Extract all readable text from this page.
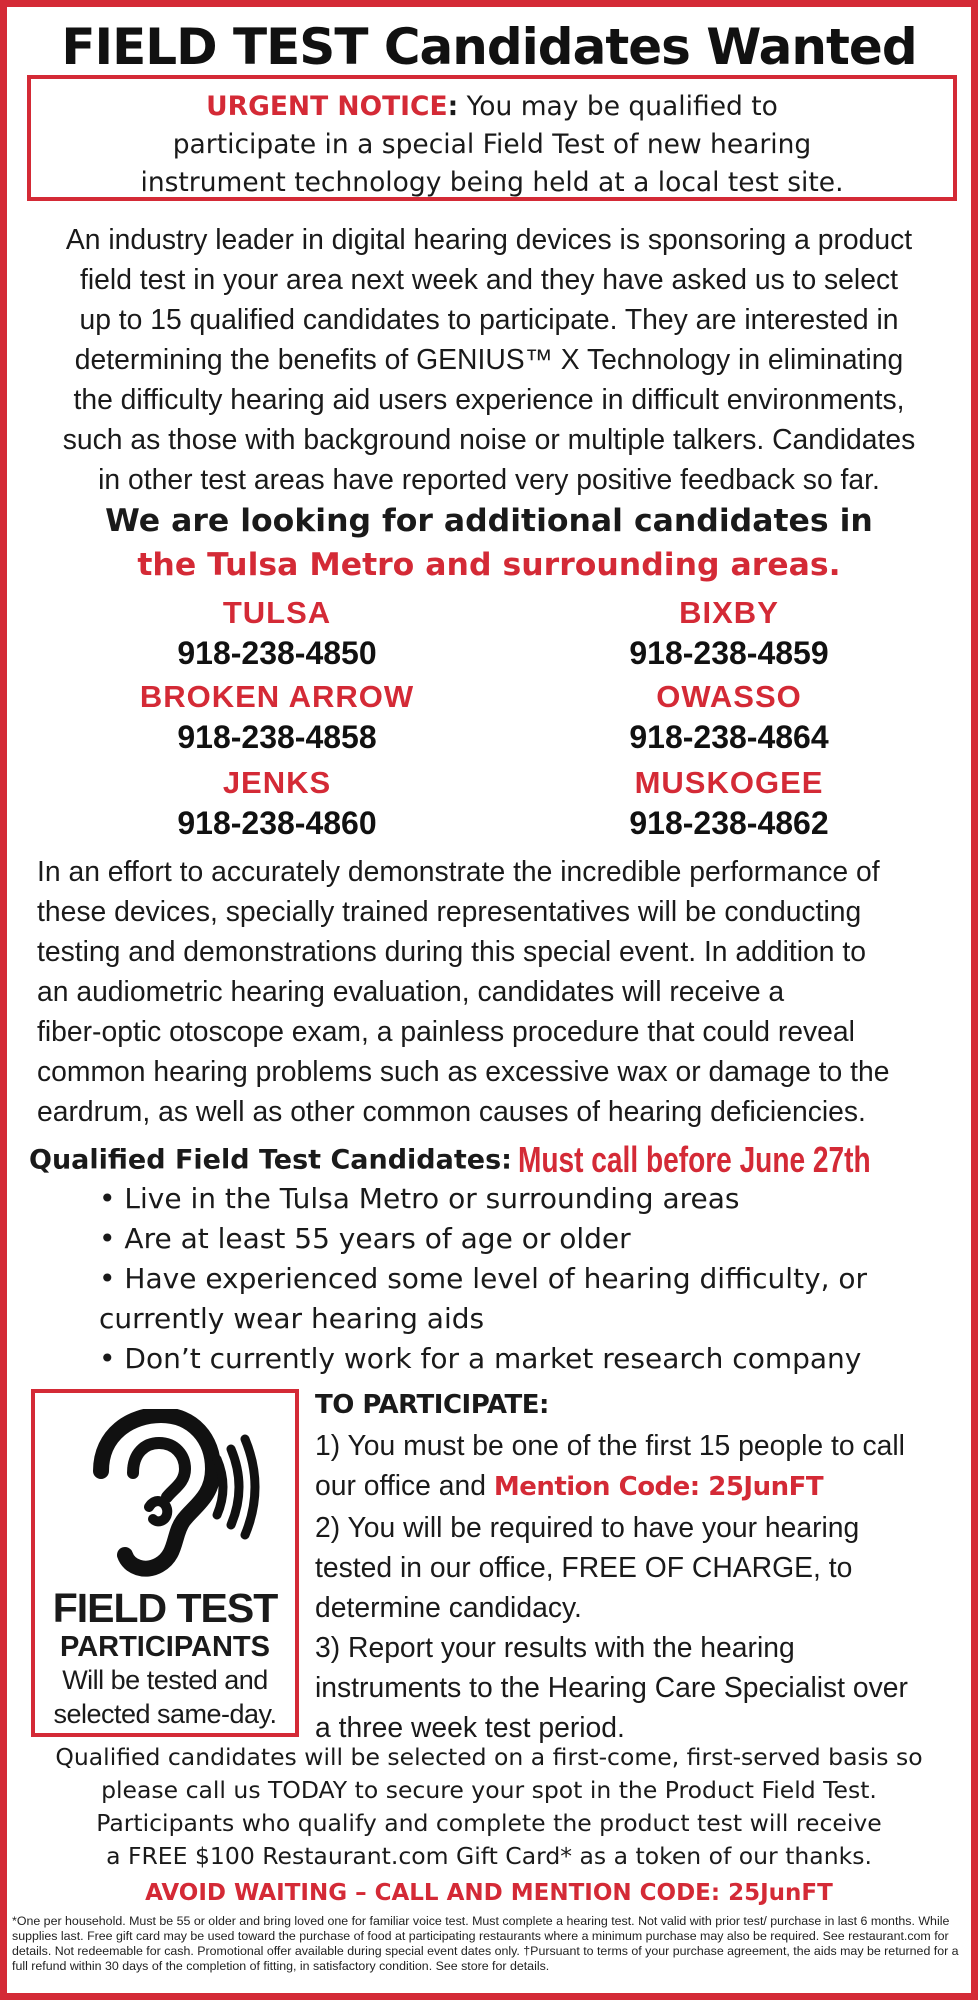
FIELD TEST Candidates Wanted
URGENT NOTICE: You may be qualified to
participate in a special Field Test of new hearing
instrument technology being held at a local test site.
An industry leader in digital hearing devices is sponsoring a product
field test in your area next week and they have asked us to select
up to 15 qualified candidates to participate. They are interested in
determining the benefits of GENIUS™ X Technology in eliminating
the difficulty hearing aid users experience in difficult environments,
such as those with background noise or multiple talkers. Candidates
in other test areas have reported very positive feedback so far.
We are looking for additional candidates in
the Tulsa Metro and surrounding areas.
TULSA
918-238-4850
BIXBY
918-238-4859
BROKEN ARROW
918-238-4858
OWASSO
918-238-4864
JENKS
918-238-4860
MUSKOGEE
918-238-4862
In an effort to accurately demonstrate the incredible performance of
these devices, specially trained representatives will be conducting
testing and demonstrations during this special event. In addition to
an audiometric hearing evaluation, candidates will receive a
fiber-optic otoscope exam, a painless procedure that could reveal
common hearing problems such as excessive wax or damage to the
eardrum, as well as other common causes of hearing deficiencies.
Qualified Field Test Candidates: Must call before June 27th
• Live in the Tulsa Metro or surrounding areas
• Are at least 55 years of age or older
• Have experienced some level of hearing difficulty, or
currently wear hearing aids
• Don’t currently work for a market research company
FIELD TEST
PARTICIPANTS
Will be tested and
selected same-day.
TO PARTICIPATE:
1) You must be one of the first 15 people to call
our office and Mention Code: 25JunFT
2) You will be required to have your hearing
tested in our office, FREE OF CHARGE, to
determine candidacy.
3) Report your results with the hearing
instruments to the Hearing Care Specialist over
a three week test period.
Qualified candidates will be selected on a first-come, first-served basis so
please call us TODAY to secure your spot in the Product Field Test.
Participants who qualify and complete the product test will receive
a FREE $100 Restaurant.com Gift Card* as a token of our thanks.
AVOID WAITING – CALL AND MENTION CODE: 25JunFT
*One per household. Must be 55 or older and bring loved one for familiar voice test. Must complete a hearing test. Not valid with prior test/ purchase in last 6 months. While supplies last. Free gift card may be used toward the purchase of food at participating restaurants where a minimum purchase may also be required. See restaurant.com for details. Not redeemable for cash. Promotional offer available during special event dates only. †Pursuant to terms of your purchase agreement, the aids may be returned for a full refund within 30 days of the completion of fitting, in satisfactory condition. See store for details.
